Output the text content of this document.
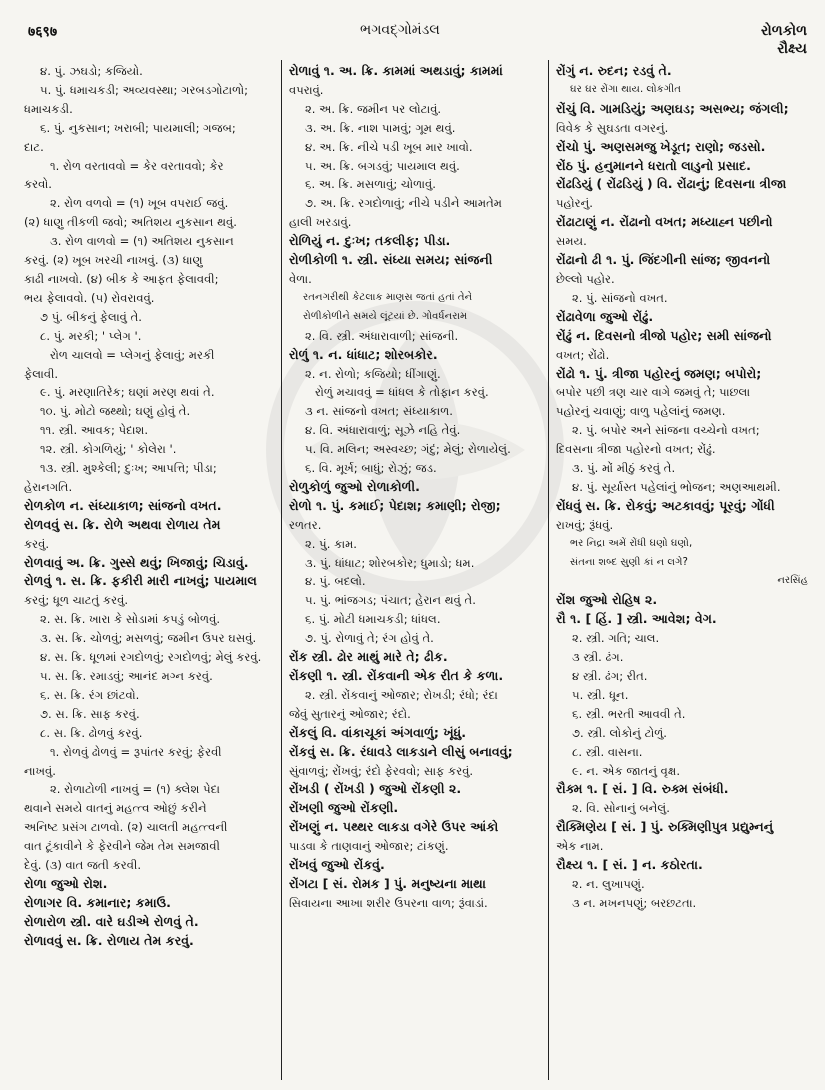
७६९७	ભગવદ્ગોમંડલ	રોળકોળ
રૌક્ષ્ય
૪. પું. ઝઘડો; કજિયો.
૫. પું. ધમાચકડી; અવ્યવસ્થા; ગરબડગોટાળો;
ધમાચકડી.
૬. પું. નુકસાન; ખરાબી; પાયમાલી; ગજબ;
દાટ.
૧. રોળ વરતાવવો = કેર વરતાવવો; કેર
કરવો.
૨. રોળ વળવો = (૧) ખૂબ વપરાઈ જવું.
(૨) ધાણુ તીકળી જવો; અતિશય નુકસાન થવું.
૩. રોળ વાળવો = (૧) અતિશય નુકસાન
કરવું. (૨) ખૂબ ખરચી નાખવું. (૩) ધાણુ
કાઢી નાખવો. (૪) બીક કે આફત ફેલાવવી;
ભય ફેલાવવો. (૫) રોવરાવવું.
૭ પું. બીકનું ફેલાવું તે.
૮. પું. મરકી; ' પ્લેગ '.
રોળ ચાલવો = પ્લેગનું ફેલાવું; મરકી
ફેલાવી.
૯. પું. મરણાતિરેક; ઘણાં મરણ થવાં તે.
૧૦. પું. મોટો જથ્થો; ઘણું હોવું તે.
૧૧. સ્ત્રી. આવક; પેદાશ.
૧૨. સ્ત્રી. કોગળિયું; ' કોલેરા '.
૧૩. સ્ત્રી. મુશ્કેલી; દુઃખ; આપત્તિ; પીડા;
હેરાનગતિ.
રોળકોળ ન. સંધ્યાકાળ; સાંજનો વખત.
રોળવવું સ. ક્રિ. રોળે અથવા રોળાય તેમ
કરવું.
રોળવાવું અ. ક્રિ. ગુસ્સે થવું; ખિજાવું; ચિડાવું.
રોળવું ૧. સ. ક્રિ. ફકીરી મારી નાખવું; પાયમાલ
કરવું; ધૂળ ચાટતું કરવું.
૨. સ. ક્રિ. ખારા કે સોડામાં કપડું બોળવું.
૩. સ. ક્રિ. ચોળવું; મસળવું; જમીન ઉપર ઘસવું.
૪. સ. ક્રિ. ધૂળમાં રગદોળવું; રગદોળવું; મેલું કરવું.
૫. સ. ક્રિ. રમાડવું; આનંદ મગ્ન કરવું.
૬. સ. ક્રિ. રંગ છાંટવો.
૭. સ. ક્રિ. સાફ કરવું.
૮. સ. ક્રિ. ઢોળવું કરવું.
૧. રોળવું ઢોળવું = રૂપાંતર કરવું; ફેરવી
નાખવું.
૨. રોળાટોળી નાખવું = (૧) ક્લેશ પેદા
થવાને સમયે વાતનું મહત્ત્વ ઓછું કરીને
અનિષ્ટ પ્રસંગ ટાળવો. (૨) ચાલતી મહત્ત્વની
વાત ટૂંકાવીને કે ફેરવીને જેમ તેમ સમજાવી
દેવું. (૩) વાત જતી કરવી.
રોળા જુઓ રોશ.
રોળાગર વિ. કમાનાર; કમાઉ.
રોળારોળ સ્ત્રી. વારે ઘડીએ રોળવું તે.
રોળાવવું સ. ક્રિ. રોળાય તેમ કરવું.
રોળાવું ૧. અ. ક્રિ. કામમાં અથડાવું; કામમાં
વપરાવું.
૨. અ. ક્રિ. જમીન પર લોટાવું.
૩. અ. ક્રિ. નાશ પામવું; ગૂમ થવું.
૪. અ. ક્રિ. નીચે પડી ખૂબ માર ખાવો.
૫. અ. ક્રિ. બગડવું; પાયમાલ થવું.
૬. અ. ક્રિ. મસળાવું; ચોળાવું.
૭. અ. ક્રિ. રગદોળાવું; નીચે પડીને આમતેમ
હાલી ખરડાવું.
રોળિયું ન. દુઃખ; તકલીફ; પીડા.
રોળીકોળી ૧. સ્ત્રી. સંધ્યા સમય; સાંજની
વેળા.
રતનગરીથી કેટલાક માણસ જતાં હતાં તેને
રોળીકોળીને સમયે લૂંટયાં છે. ગોવર્ધનરામ
૨. વિ. સ્ત્રી. અંધારાવાળી; સાંજની.
રોળું ૧. ન. ધાંધાટ; શોરબકોર.
૨. ન. રોળો; કજિયો; ધીંગાણું.
રોળું મચાવવું = ધાંધલ કે તોફાન કરવું.
૩ ન. સાંજનો વખત; સંધ્યાકાળ.
૪. વિ. અંધારાવાળું; સૂઝે નહિ તેવું.
૫. વિ. મલિન; અસ્વચ્છ; ગંદું; મેલું; રોળાયેલું.
૬. વિ. મૂર્ખ; બાધું; રોઝું; જડ.
રોળુકોળું જુઓ રોળાકોળી.
રોળો ૧. પું. કમાઈ; પેદાશ; કમાણી; રોજી;
રળતર.
૨. પું. કામ.
૩. પું. ધાંધાટ; શોરબકોર; ધુમાડો; ધમ.
૪. પું. બદલો.
૫. પું. ભાંજગડ; પંચાત; હેરાન થવું તે.
૬. પું. મોટી ધમાચકડી; ધાંધલ.
૭. પું. રોળાવું તે; રંગ હોવું તે.
રોંક સ્ત્રી. ઢોર માથું મારે તે; ઢીક.
રોંકણી ૧. સ્ત્રી. રોંકવાની એક રીત કે કળા.
૨. સ્ત્રી. રોંકવાનું ઓજાર; રોખડી; રંધો; રંદા
જેવું સુતારનું ઓજાર; રંદો.
રોંકલું વિ. વાંકાચૂકાં અંગવાળું; ખૂંધું.
રોંકવું સ. ક્રિ. રંધાવડે લાકડાને લીસું બનાવવું;
સુંવાળવું; રોંખવું; રંદો ફેરવવો; સાફ કરવું.
રોંખડી ( રોંખડી ) જુઓ રોંકણી ૨.
રોંખણી જુઓ રોંકણી.
રોંખણું ન. પથ્થર લાકડા વગેરે ઉપર આંકો
પાડવા કે તાણવાનું ઓજાર; ટાંકણું.
રોંખવું જુઓ રોંકવું.
રોંગટા [ સં. રોમક ] પું. મનુષ્યના માથા
સિવાયના આખા શરીર ઉપરના વાળ; રૂંવાડાં.
રોંગું ન. રુદન; રડવું તે.
ઘર ઘર રોંગા થાય. લોકગીત
રોંચું વિ. ગામડિયું; અણઘડ; અસભ્ય; જંગલી;
વિવેક કે સુઘડતા વગરનું.
રોંચો પું. અણસમજુ ખેડૂત; રાણો; જડસો.
રોંઠ પું. હનુમાનને ધરાતો લાડુનો પ્રસાદ.
રોંઢડિયું ( રોંઢડિયું ) વિ. રોંઢાનું; દિવસના ત્રીજા
પહોરનું.
રોંઢાટાણું ન. રોંઢાનો વખત; મધ્યાહ્ન પછીનો
સમય.
રોંઢાનો ઢી ૧. પું. જિંદગીની સાંજ; જીવનનો
છેલ્લો પહોર.
૨. પું. સાંજનો વખત.
રોંઢાવેળા જુઓ રોંઢું.
રોંઢું ન. દિવસનો ત્રીજો પહોર; સમી સાંજનો
વખત; રોંઢો.
રોંઢો ૧. પું. ત્રીજા પહોરનું જમણ; બપોરો;
બપોર પછી ત્રણ ચાર વાગે જમવું તે; પાછલા
પહોરનું ચવાણું; વાળુ પહેલાંનું જમણ.
૨. પું. બપોર અને સાંજના વચ્ચેનો વખત;
દિવસના ત્રીજા પહોરનો વખત; રોંઢું.
૩. પું. મોં મીઠું કરવું તે.
૪. પું. સૂર્યાસ્ત પહેલાંનું ભોજન; અણઆથમી.
રોંધવું સ. ક્રિ. રોકવું; અટકાવવું; પૂરવું; ગોંધી
રાખવું; રૂંધવું.
ભર નિદ્રા અમેં રોંધી ઘણો ઘણો,
સંતના શબ્દ સુણી કાં ન લગે?
નરસિંહ
રોંશ જુઓ રોહિષ ૨.
રૌ ૧. [ હિં. ] સ્ત્રી. આવેશ; વેગ.
૨. સ્ત્રી. ગતિ; ચાલ.
૩ સ્ત્રી. ઢંગ.
૪ સ્ત્રી. ઢંગ; રીત.
૫. સ્ત્રી. ધૂન.
૬. સ્ત્રી. ભરતી આવવી તે.
૭. સ્ત્રી. લોકોનું ટોળું.
૮. સ્ત્રી. વાસના.
૯. ન. એક જાતનું વૃક્ષ.
રૌક્મ ૧. [ સં. ] વિ. રુક્મ સંબંધી.
૨. વિ. સોનાનું બનેલું.
રૌક્મિણેય [ સં. ] પું. રુક્મિણીપુત્ર પ્રદ્યુમ્નનું
એક નામ.
રૌક્ષ્ય ૧. [ સં. ] ન. કઠોરતા.
૨. ન. લુખાપણું.
૩ ન. મખનપણું; બરછટતા.
